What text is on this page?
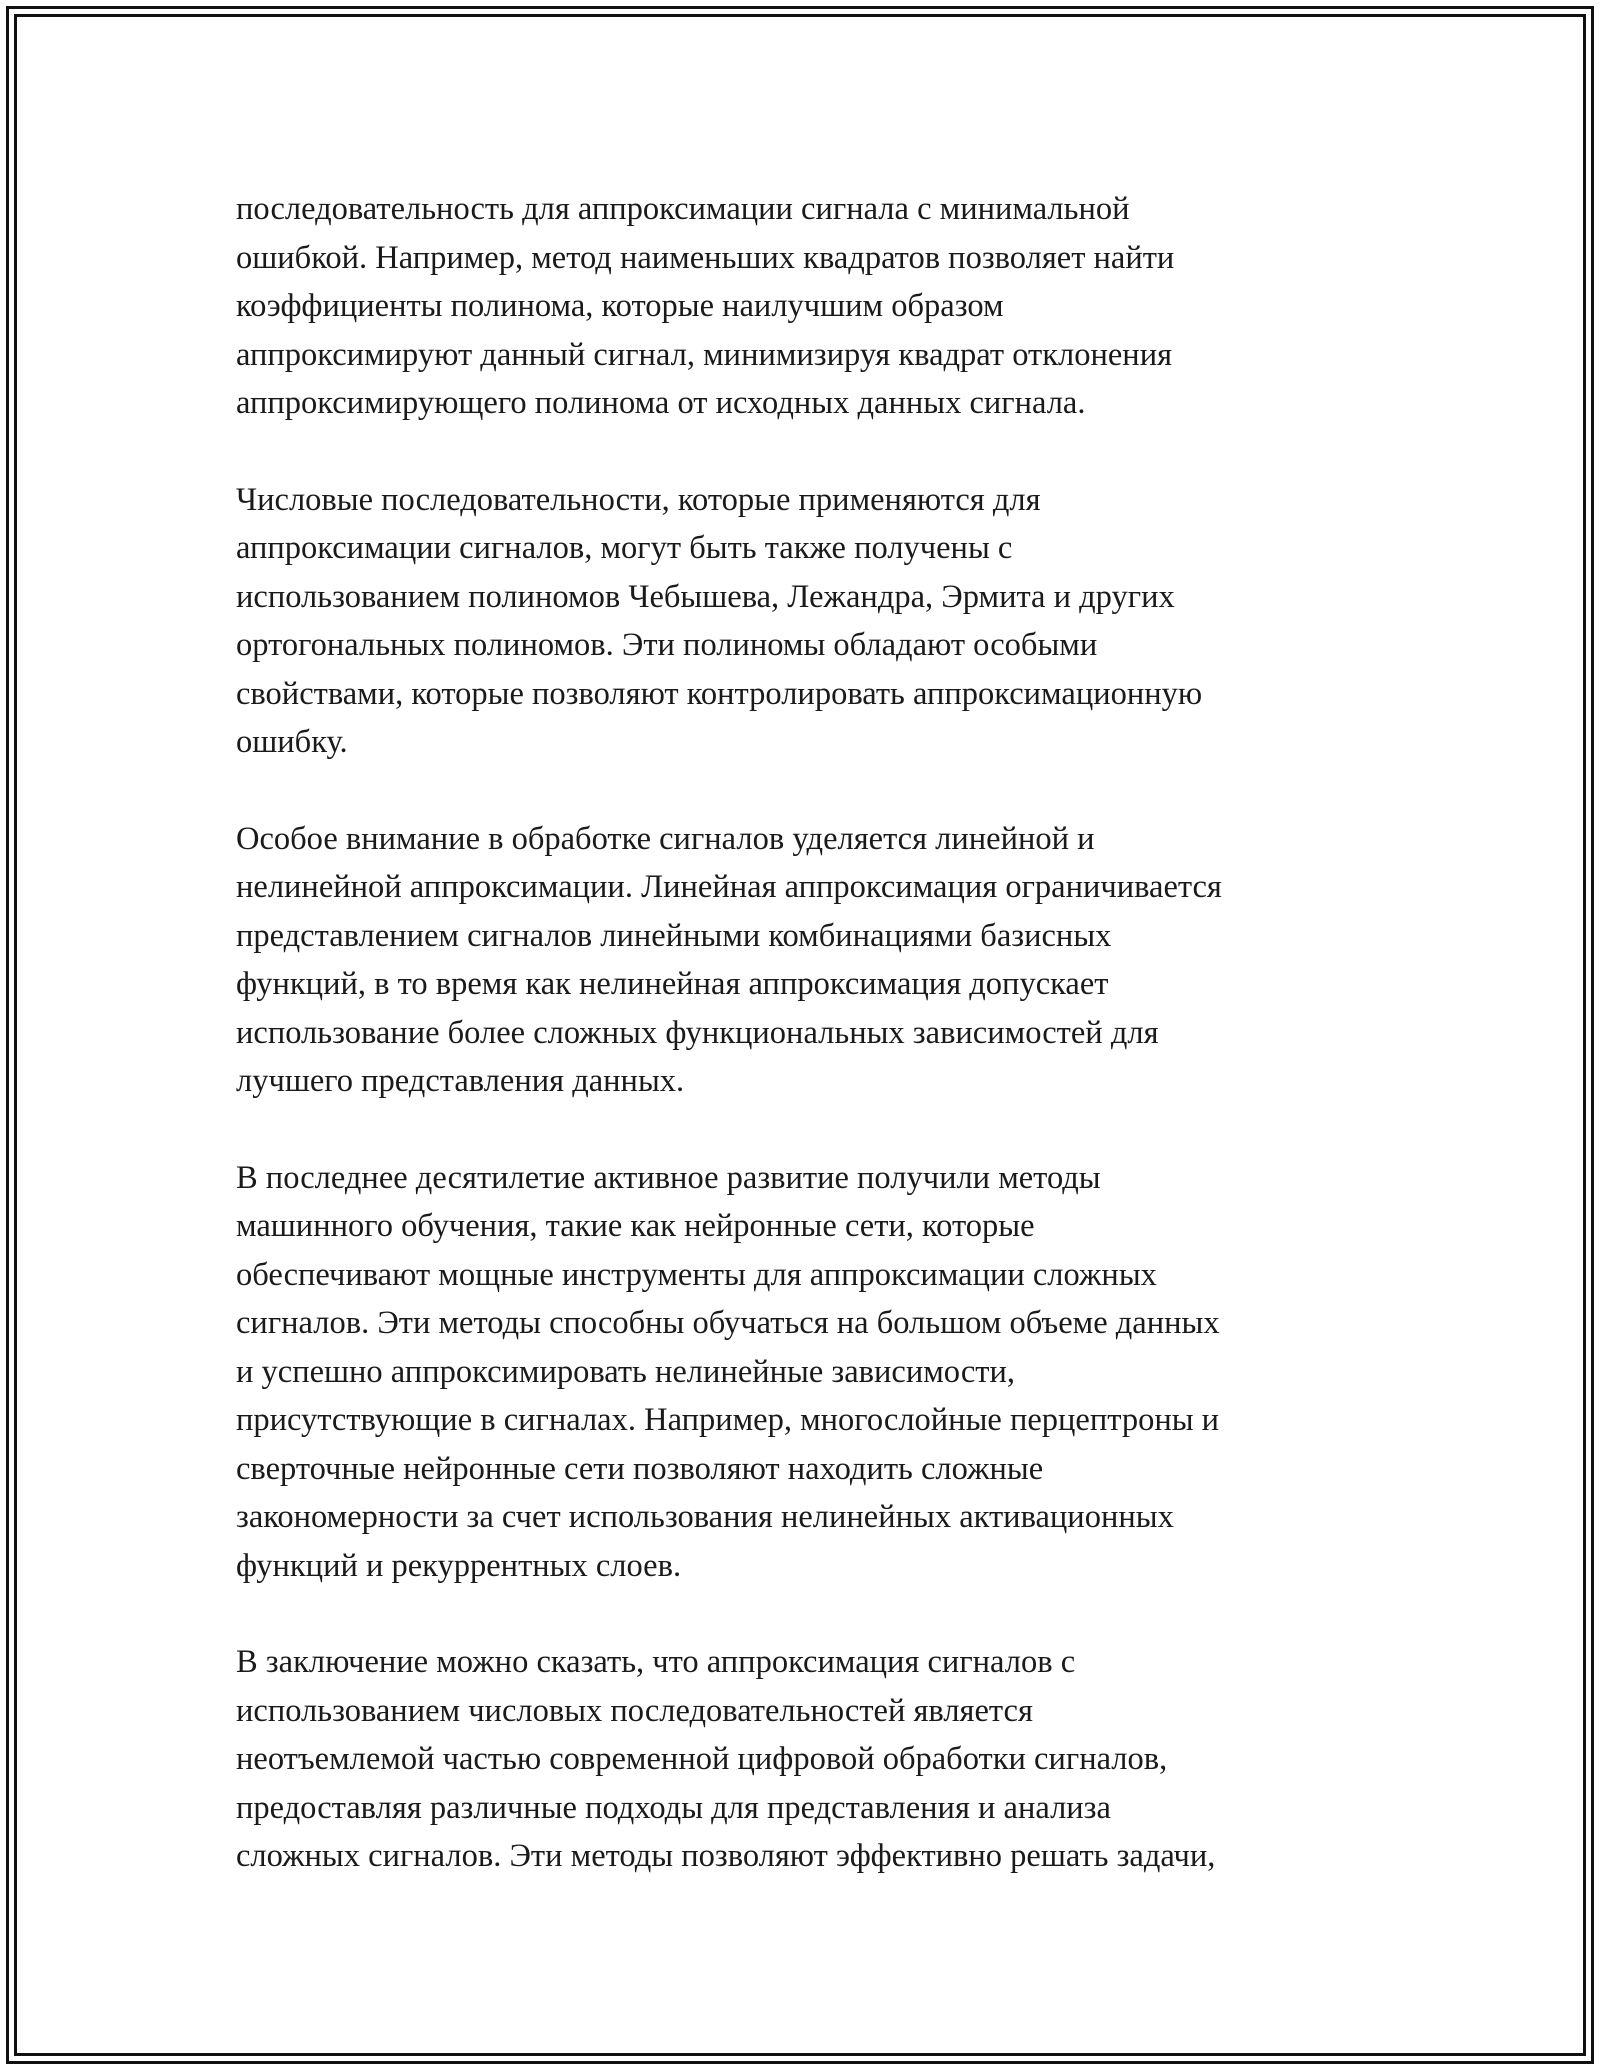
последовательность для аппроксимации сигнала с минимальной
ошибкой. Например, метод наименьших квадратов позволяет найти
коэффициенты полинома, которые наилучшим образом
аппроксимируют данный сигнал, минимизируя квадрат отклонения
аппроксимирующего полинома от исходных данных сигнала.

Числовые последовательности, которые применяются для
аппроксимации сигналов, могут быть также получены с
использованием полиномов Чебышева, Лежандра, Эрмита и других
ортогональных полиномов. Эти полиномы обладают особыми
свойствами, которые позволяют контролировать аппроксимационную
ошибку.

Особое внимание в обработке сигналов уделяется линейной и
нелинейной аппроксимации. Линейная аппроксимация ограничивается
представлением сигналов линейными комбинациями базисных
функций, в то время как нелинейная аппроксимация допускает
использование более сложных функциональных зависимостей для
лучшего представления данных.

В последнее десятилетие активное развитие получили методы
машинного обучения, такие как нейронные сети, которые
обеспечивают мощные инструменты для аппроксимации сложных
сигналов. Эти методы способны обучаться на большом объеме данных
и успешно аппроксимировать нелинейные зависимости,
присутствующие в сигналах. Например, многослойные перцептроны и
сверточные нейронные сети позволяют находить сложные
закономерности за счет использования нелинейных активационных
функций и рекуррентных слоев.

В заключение можно сказать, что аппроксимация сигналов с
использованием числовых последовательностей является
неотъемлемой частью современной цифровой обработки сигналов,
предоставляя различные подходы для представления и анализа
сложных сигналов. Эти методы позволяют эффективно решать задачи,
